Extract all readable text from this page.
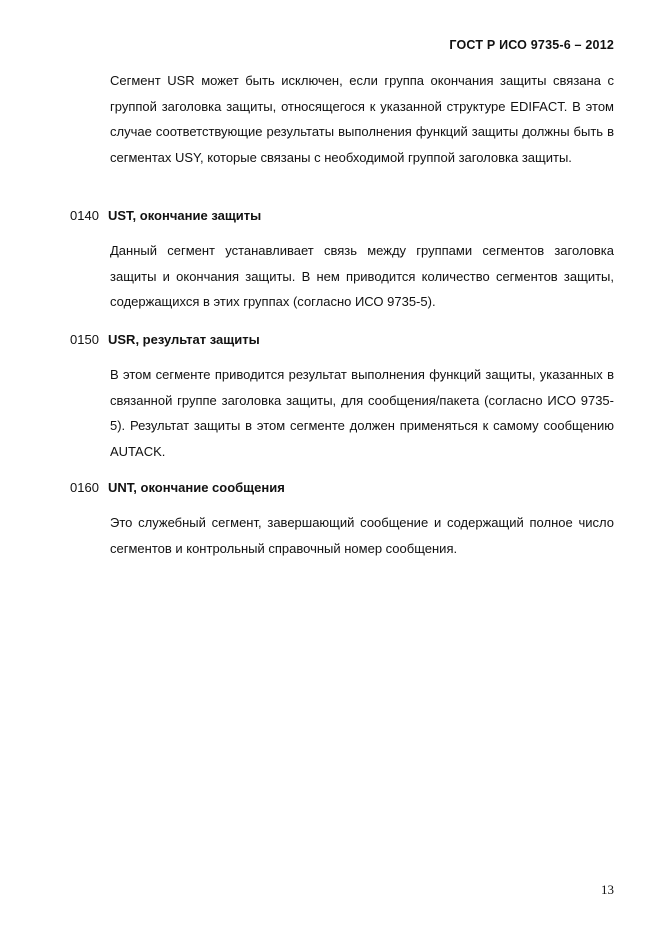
ГОСТ Р ИСО 9735-6 – 2012
Сегмент USR может быть исключен, если группа окончания защиты связана с группой заголовка защиты, относящегося к указанной структуре EDIFACT. В этом случае соответствующие результаты выполнения функций защиты должны быть в сегментах USY, которые связаны с необходимой группой заголовка защиты.
0140 UST, окончание защиты
Данный сегмент устанавливает связь между группами сегментов заголовка защиты и окончания защиты. В нем приводится количество сегментов защиты, содержащихся в этих группах (согласно ИСО 9735-5).
0150 USR, результат защиты
В этом сегменте приводится результат выполнения функций защиты, указанных в связанной группе заголовка защиты, для сообщения/пакета (согласно ИСО 9735-5). Результат защиты в этом сегменте должен применяться к самому сообщению AUTACK.
0160 UNT, окончание сообщения
Это служебный сегмент, завершающий сообщение и содержащий полное число сегментов и контрольный справочный номер сообщения.
13
